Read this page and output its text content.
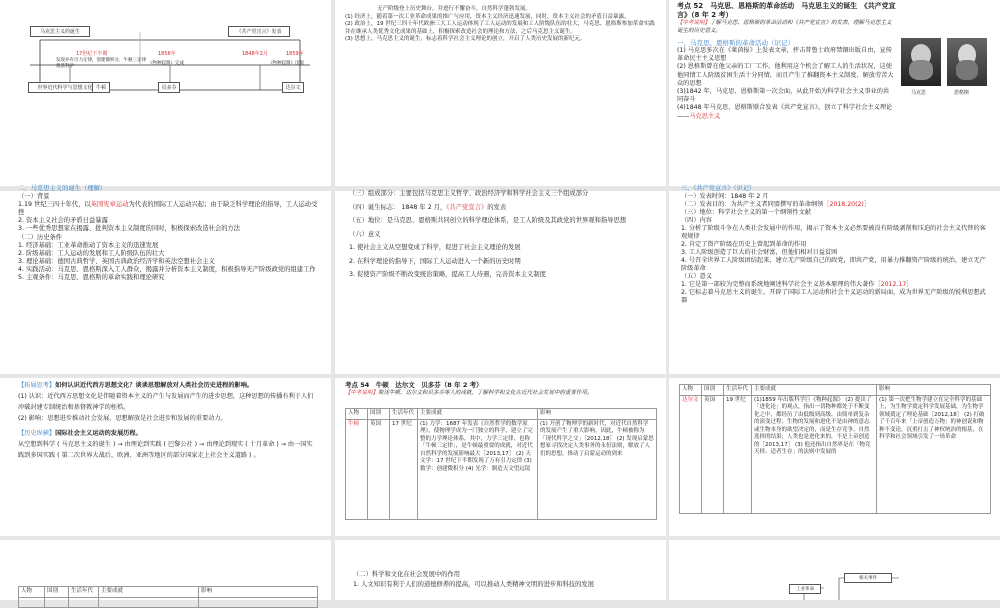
马克思主义的诞生	《共产党宣言》发表
17世纪下半期	1856年	1848年2月	1859年
发现并有引力定律，创建微积分，牛顿三定律奠基科学
《物种起源》完成	《物种起源》出版
世界近代科学与思想文化 牛顿	贝多芬	达尔文
无产阶级登上历史舞台，并进行不懈奋斗，自然科学蓬勃发展。
(1) 经济上，随着第一次工业革命成果的推广与应用，资本主义经济迅速发展，同时，资本主义社会的矛盾日益暴露。
(2) 政治上，19 世纪三四十年代欧洲三大工人运动体现了工人运动的发展和工人阶级队伍的壮大，马克思、恩格斯参加革命实践并在继承人类优秀文化成果的基础上，积极探索改造社会的理论和方法，之后马克思主义诞生。
(3) 思想上，马克思主义的诞生，标志着科学社会主义理论的创立，开启了人类历史发展的新纪元。
考点 52　马克思、恩格斯的革命活动　马克思主义的诞生　《共产党宣言》（8 年 2 考）
【中考说明】了解马克思、恩格斯的革命活动和《共产党宣言》的发表，理解马克思主义诞生的历史意义。
一、马克思、恩格斯的革命活动（识记）
(1) 马克思多次在《莱茵报》上发表文章，抨击普鲁士政府禁锢出版自由，宣传革命民主主义思想
(2) 恩格斯曾在他父亲的工厂工作，他利用这个机会了解工人的生活状况，这使他同情工人阶级贫困生活十分同情，而且产生了推翻资本主义制度、解放劳苦大众的思想
(3)1842 年，马克思、恩格斯第一次会面，从此开始为科学社会主义事业的共同奋斗
(4)1848 年马克思、恩格斯联合发表《共产党宣言》，创立了科学社会主义理论——马克思主义
马克思	恩格斯
二、马克思主义的诞生（理解）
（一）背景
1.19 世纪三四十年代，以英国宪章运动为代表的国际工人运动兴起；由于缺乏科学理论的指导，工人运动受挫
2. 资本主义社会的矛盾日益暴露
3. 一些优秀思想家在揭露、批判资本主义制度的同时，积极探索改造社会的方法
（二）历史条件
1. 经济基础：工业革命推动了资本主义的迅速发展
2. 阶级基础：工人运动的发展和工人阶级队伍的壮大
3. 理论基础：德国古典哲学、英国古典政治经济学和英法空想社会主义
4. 实践活动：马克思、恩格斯深入工人群众，揭露并分析资本主义制度，积极指导无产阶级政党的组建工作
5. 主观条件：马克思、恩格斯的革命实践和理论研究
（三）组成部分：主要包括马克思主义哲学、政治经济学和科学社会主义三个组成部分
（四）诞生标志： 1848 年 2 月，《共产党宣言》的发表
（五）地位：是马克思、恩格斯共同创立的科学理论体系，是工人阶级及其政党的世界观和指导思想
（六）意义
1. 使社会主义从空想变成了科学，促进了社会主义理论的发展
2. 在科学理论的指导下，国际工人运动进入一个新的历史时期
3. 促使资产阶级不断改变统治策略，提高工人待遇，完善资本主义制度
三、《共产党宣言》（识记）
（一）发表时间：1848 年 2 月
（二）发表目的：为共产主义者同盟撰写的革命纲领［2018,20(2)］
（三）地位：科学社会主义的第一个纲领性文献
（四）内容
1. 分析了阶级斗争在人类社会发展中的作用，揭示了资本主义必然要被没有阶级剥削和压迫的社会主义代替的客观规律
2. 肯定了资产阶级在历史上曾起到革命的作用
3. 工人阶级创造了巨大的社会财富，但他们相对日益贫困
4. 号召全世界工人阶级团结起来，建立无产阶级自己的政党，即共产党，用暴力推翻资产阶级的统治，建立无产阶级革命
（五）意义
1. 它是第一部较为完整而系统地阐述科学社会主义基本原理的伟大著作［2012,17］
2. 它标志着马克思主义的诞生，开辟了国际工人运动和社会主义运动的新局面，成为世界无产阶级的锐利思想武器
【拓展思考】如何认识近代西方思想文化？谈谈思想解放对人类社会历史进程的影响。
(1) 认识：近代西方思想文化是伴随着资本主义的产生与发展而产生的进步思想，这种思想的传播有利于人们冲破封建专制统治和基督教神学的桎梏。
(2) 影响：思想进步推动社会发展，思想解放是社会进步和发展的重要动力。
【历史纵横】国际社会主义运动的发展历程。
从空想到科学 ( 马克思主义的诞生 ) → 由理论到实践 ( 巴黎公社 ) → 由理论到现实 ( 十月革命 ) → 由一国实践到多国实践 ( 第二次世界大战后，欧洲、亚洲等地区的部分国家走上社会主义道路 ) 。
考点 54　牛顿　达尔文　贝多芬（8 年 2 考）
【中考说明】简述牛顿、达尔文和贝多芬等人的成就，了解科学和文化在近代社会发展中的重要作用。
人物	国别	生活年代	主要成就	影响
牛顿	英国	17 世纪	(1) 力学：1687 年发表《自然哲学的数学原理》，使物理学成为一门独立的科学，建立了完整的力学理论体系，其中，力学三定律，也称「牛顿三定律」，是牛顿最重要的成就，对近代自然科学的发展影响最大［2013,17］ (2) 天文学：17 世纪下半期发现了万有引力定律 (3) 数学：创建微积分 (4) 光学：制造天文望远镜	(1) 开创了物理学的新时代，对近代自然科学的发展产生了重大影响。因此，牛顿被称为「现代科学之父」［2012,18］ (2) 发现启蒙思想家寻找决定人类事务的永恒法则，解放了人们的思想，推动了启蒙运动的到来
人物	国别	生活年代	主要成就	影响
达尔文	英国	19 世纪	(1)1859 年出版科学巨《物种起源》 (2) 提出了「进化论」的观点，指出一切物种都处于不断变化之中，都经历了由低级到高级、由简单到复杂的演变过程；生物的发展和进化不是由神的意志或生物本身的欲望决定的，而是生存竞争、自然选择的结果；人类也是进化来的，不是上帝创造的［2013,17］ (3) 他还指出自然界是在「物竞天择、适者生存」的法则中发展的	(1) 第一次把生物学建立在完全科学的基础上，为生物学奠定科学发展基础，为生物学领域奠定了理论基础［2012,18］ (2) 打破了千百年来「上帝创造万物」的神创说和物种不变论，沉重打击了神权统治的根基，在科学和社会领域引发了一场革命
人物	国别	生活年代	主要成就	影响

（二）科学和文化在社会发展中的作用
1. 人文知识有利于人们的道德修养的提高，可以推动人类精神文明的进步和科技的发展
相关事件
工业革命
